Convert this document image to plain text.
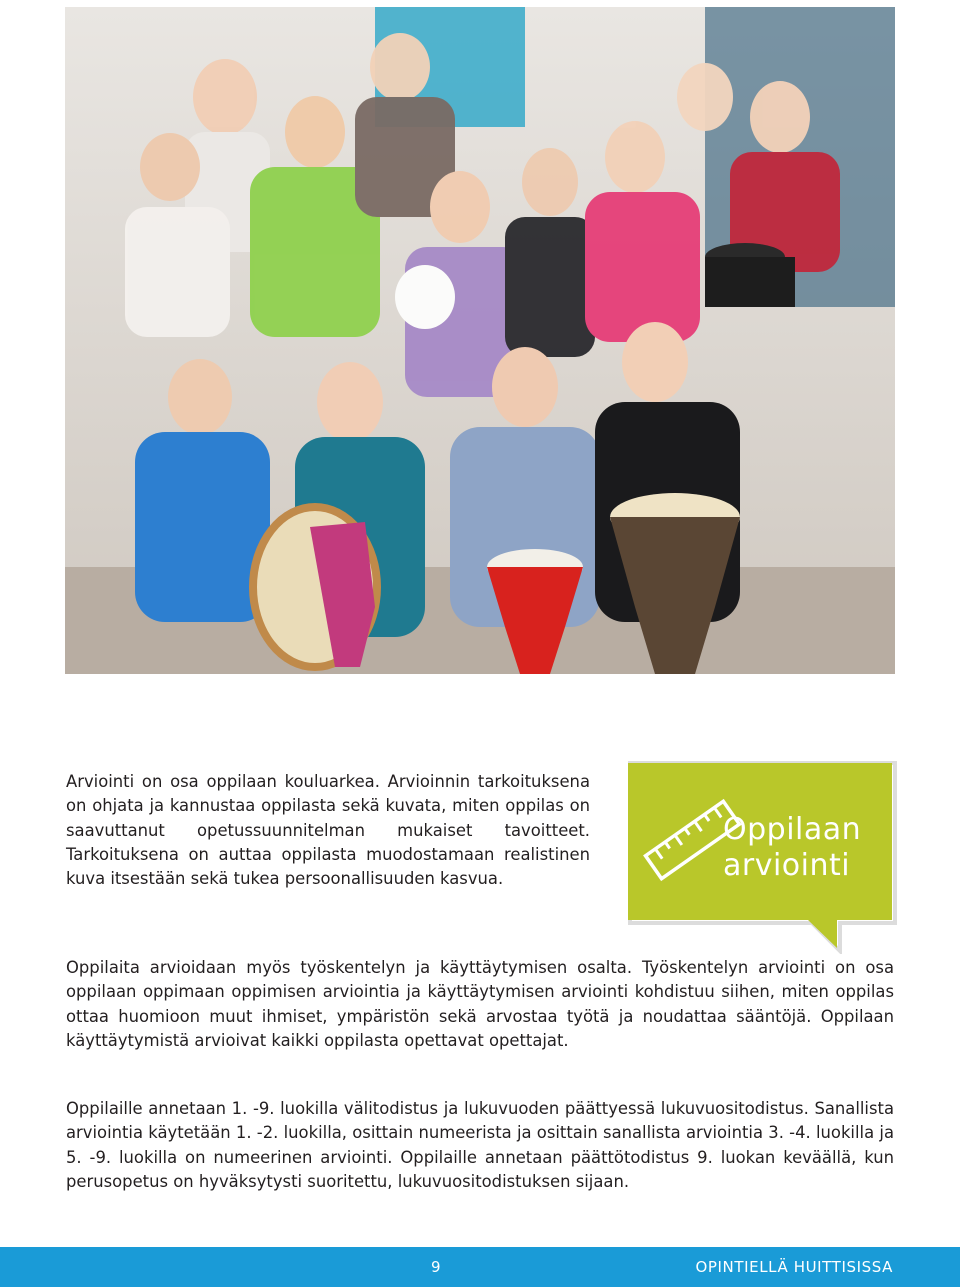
Arviointi on osa oppilaan kouluarkea. Arvioinnin tarkoituksena on ohjata ja kannustaa oppilasta sekä kuvata, miten oppilas on saavuttanut opetussuunnitelman mukaiset tavoitteet. Tarkoituksena on auttaa oppilasta muodostamaan realistinen kuva itsestään sekä tukea persoonallisuuden kasvua.

Oppilaan
arviointi

Oppilaita arvioidaan myös työskentelyn ja käyttäytymisen osalta. Työskentelyn arviointi on osa oppilaan oppimaan oppimisen arviointia ja käyttäytymisen arviointi kohdistuu siihen, miten oppilas ottaa huomioon muut ihmiset, ympäristön sekä arvostaa työtä ja noudattaa sääntöjä. Oppilaan käyttäytymistä arvioivat kaikki oppilasta opettavat opettajat.

Oppilaille annetaan 1. -9. luokilla välitodistus ja lukuvuoden päättyessä lukuvuositodistus. Sanallista arviointia käytetään 1. -2. luokilla, osittain numeerista ja osittain sanallista arviointia 3. -4. luokilla ja 5. -9. luokilla on numeerinen arviointi. Oppilaille annetaan päättötodistus 9. luokan keväällä, kun perusopetus on hyväksytysti suoritettu, lukuvuositodistuksen sijaan.

9	OPINTIELLÄ HUITTISISSA
